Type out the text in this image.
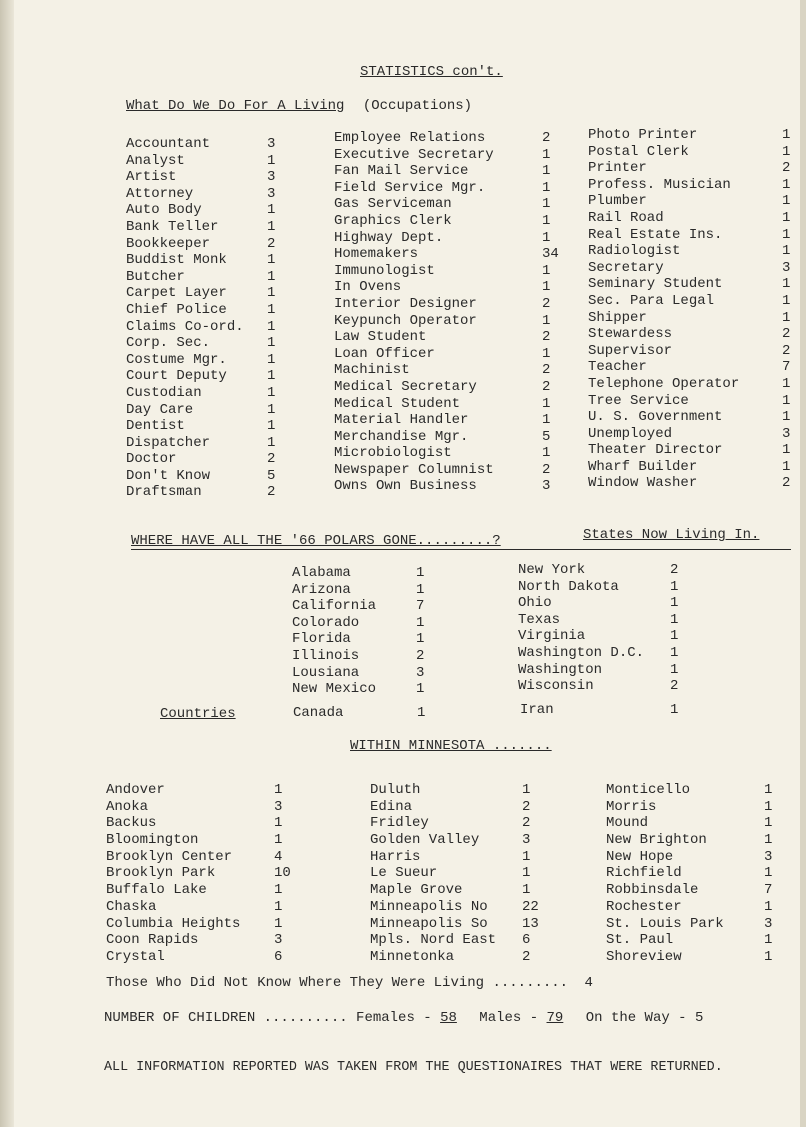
STATISTICS con't.
What Do We Do For A Living (Occupations)
Accountant	3
Analyst	1
Artist	3
Attorney	3
Auto Body	1
Bank Teller	1
Bookkeeper	2
Buddist Monk	1
Butcher	1
Carpet Layer	1
Chief Police	1
Claims Co-ord.	1
Corp. Sec.	1
Costume Mgr.	1
Court Deputy	1
Custodian	1
Day Care	1
Dentist	1
Dispatcher	1
Doctor	2
Don't Know	5
Draftsman	2
Employee Relations	2
Executive Secretary	1
Fan Mail Service	1
Field Service Mgr.	1
Gas Serviceman	1
Graphics Clerk	1
Highway Dept.	1
Homemakers	34
Immunologist	1
In Ovens	1
Interior Designer	2
Keypunch Operator	1
Law Student	2
Loan Officer	1
Machinist	2
Medical Secretary	2
Medical Student	1
Material Handler	1
Merchandise Mgr.	5
Microbiologist	1
Newspaper Columnist	2
Owns Own Business	3
Photo Printer	1
Postal Clerk	1
Printer	2
Profess. Musician	1
Plumber	1
Rail Road	1
Real Estate Ins.	1
Radiologist	1
Secretary	3
Seminary Student	1
Sec. Para Legal	1
Shipper	1
Stewardess	2
Supervisor	2
Teacher	7
Telephone Operator	1
Tree Service	1
U. S. Government	1
Unemployed	3
Theater Director	1
Wharf Builder	1
Window Washer	2
WHERE HAVE ALL THE '66 POLARS GONE.........?	States Now Living In.
Alabama	1
Arizona	1
California	7
Colorado	1
Florida	1
Illinois	2
Lousiana	3
New Mexico	1
New York	2
North Dakota	1
Ohio	1
Texas	1
Virginia	1
Washington D.C.	1
Washington	1
Wisconsin	2
Countries	Canada	1	Iran	1
WITHIN MINNESOTA .......
Andover	1
Anoka	3
Backus	1
Bloomington	1
Brooklyn Center	4
Brooklyn Park	10
Buffalo Lake	1
Chaska	1
Columbia Heights	1
Coon Rapids	3
Crystal	6
Duluth	1
Edina	2
Fridley	2
Golden Valley	3
Harris	1
Le Sueur	1
Maple Grove	1
Minneapolis No	22
Minneapolis So	13
Mpls. Nord East	6
Minnetonka	2
Monticello	1
Morris	1
Mound	1
New Brighton	1
New Hope	3
Richfield	1
Robbinsdale	7
Rochester	1
St. Louis Park	3
St. Paul	1
Shoreview	1
Those Who Did Not Know Where They Were Living ......... 4
NUMBER OF CHILDREN .......... Females - 58 Males - 79 On the Way - 5
ALL INFORMATION REPORTED WAS TAKEN FROM THE QUESTIONAIRES THAT WERE RETURNED.
